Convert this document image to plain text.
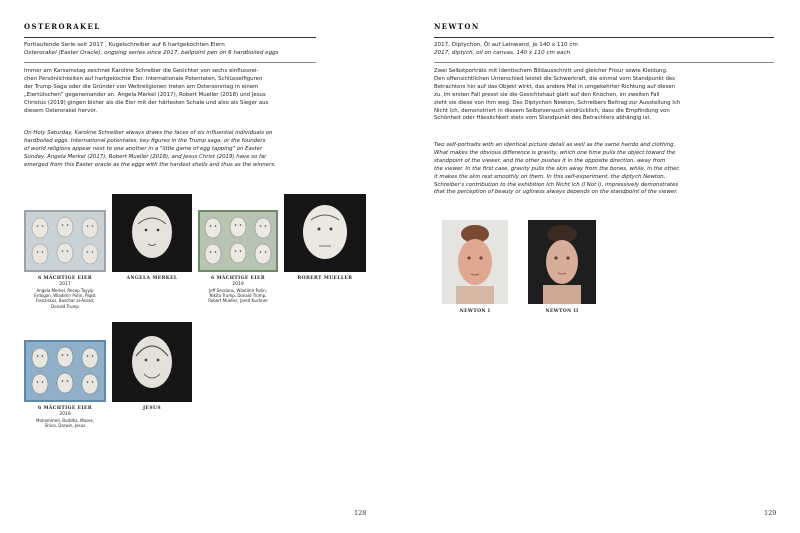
OSTERORAKEL
Fortlaufende Serie seit 2017 , Kugelschreiber auf 6 hartgekochten Eiern
Osterorakel (Easter Oracle), ongoing series since 2017, ballpoint pen on 6 hardboiled eggs
Immer am Karsamstag zeichnet Karoline Schreiber die Gesichter von sechs einflussrei-
chen Persönlichkeiten auf hartgekochte Eier. Internationale Potentaten, Schlüsselfiguren
der Trump-Saga oder die Gründer von Weltreligionen treten am Ostersonntag in einem
„Eiertütschen" gegeneinander an. Angela Merkel (2017), Robert Mueller (2018) und Jesus
Christus (2019) gingen bisher als die Eier mit der härtesten Schale und also als Sieger aus
diesem Osterorakel hervor.
On Holy Saturday, Karoline Schreiber always draws the faces of six influential individuals on
hardboiled eggs. International potentates, key figures in the Trump saga, or the founders
of world religions appear next to one another in a "little game of egg tapping" on Easter
Sunday. Angela Merkel (2017), Robert Mueller (2018), and Jesus Christ (2019) have so far
emerged from this Easter oracle as the eggs with the hardest shells and thus as the winners.
6 MÄCHTIGE EIER
2017
Angela Merkel, Recep Tayyip
Erdogan, Wladimir Putin, Papst
Franziskus, Baschar al-Assad,
Donald Trump
ANGELA MERKEL	6 MÄCHTIGE EIER
2019
Jeff Sessions, Wladimir Putin,
Nikita Trump, Donald Trump,
Robert Mueller, Jared Kushner
ROBERT MUELLER
6 MÄCHTIGE EIER
2019
Mohammed, Buddha, Moses,
Shiva, Darwin, Jesus
JESUS
128
NEWTON
2017, Diptychon, Öl auf Leinwand, je 140 x 110 cm
2017, diptych, oil on canvas, 140 x 110 cm each
Zwei Selbstporträts mit identischem Bildausschnitt und gleicher Frisur sowie Kleidung.
Den offensichtlichen Unterschied leistet die Schwerkraft, die einmal vom Standpunkt des
Betrachters hin auf das Objekt wirkt, das andere Mal in umgekehrter Richtung auf diesen
zu. Im ersten Fall presst sie die Gesichtshaut glatt auf den Knochen, im zweiten Fall
zieht sie diese von ihm weg. Das Diptychon Newton, Schreibers Beitrag zur Ausstellung Ich
Nicht Ich, demonstriert in diesem Selbstversuch eindrücklich, dass die Empfindung von
Schönheit oder Hässlichkeit stets vom Standpunkt des Betrachters abhängig ist.
Two self-portraits with an identical picture detail as well as the same hairdo and clothing.
What makes the obvious difference is gravity, which one time pulls the object toward the
standpoint of the viewer, and the other pushes it in the opposite direction, away from
the viewer. In the first case, gravity pulls the skin away from the bones, while, in the other,
it makes the skin rest smoothly on them. In this self-experiment, the diptych Newton,
Schreiber's contribution to the exhibition Ich Nicht Ich (I Not I), impressively demonstrates
that the perception of beauty or ugliness always depends on the standpoint of the viewer.
NEWTON I	NEWTON II
129
